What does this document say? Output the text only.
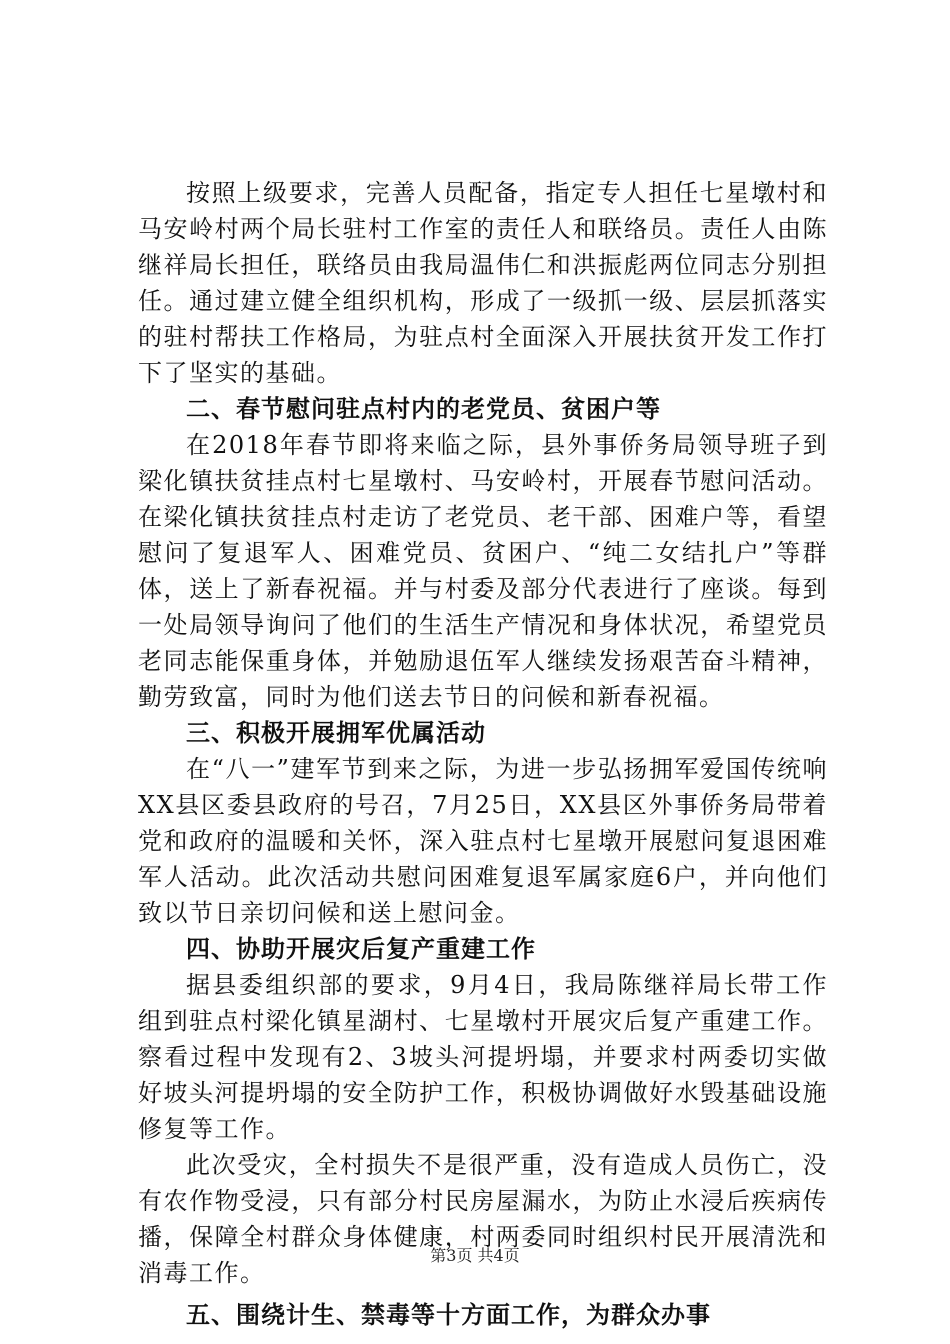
按照上级要求，完善人员配备，指定专人担任七星墩村和马安岭村两个局长驻村工作室的责任人和联络员。责任人由陈继祥局长担任，联络员由我局温伟仁和洪振彪两位同志分别担任。通过建立健全组织机构，形成了一级抓一级、层层抓落实的驻村帮扶工作格局，为驻点村全面深入开展扶贫开发工作打下了坚实的基础。

二、春节慰问驻点村内的老党员、贫困户等

在2018年春节即将来临之际，县外事侨务局领导班子到梁化镇扶贫挂点村七星墩村、马安岭村，开展春节慰问活动。在梁化镇扶贫挂点村走访了老党员、老干部、困难户等，看望慰问了复退军人、困难党员、贫困户、“纯二女结扎户”等群体，送上了新春祝福。并与村委及部分代表进行了座谈。每到一处局领导询问了他们的生活生产情况和身体状况，希望党员老同志能保重身体，并勉励退伍军人继续发扬艰苦奋斗精神，勤劳致富，同时为他们送去节日的问候和新春祝福。

三、积极开展拥军优属活动

在“八一”建军节到来之际，为进一步弘扬拥军爱国传统响XX县区委县政府的号召，7月25日，XX县区外事侨务局带着党和政府的温暖和关怀，深入驻点村七星墩开展慰问复退困难军人活动。此次活动共慰问困难复退军属家庭6户，并向他们致以节日亲切问候和送上慰问金。

四、协助开展灾后复产重建工作

据县委组织部的要求，9月4日，我局陈继祥局长带工作组到驻点村梁化镇星湖村、七星墩村开展灾后复产重建工作。察看过程中发现有2、3坡头河提坍塌，并要求村两委切实做好坡头河提坍塌的安全防护工作，积极协调做好水毁基础设施修复等工作。

此次受灾，全村损失不是很严重，没有造成人员伤亡，没有农作物受浸，只有部分村民房屋漏水，为防止水浸后疾病传播，保障全村群众身体健康，村两委同时组织村民开展清洗和消毒工作。

五、围绕计生、禁毒等十方面工作，为群众办事

第3页 共4页
